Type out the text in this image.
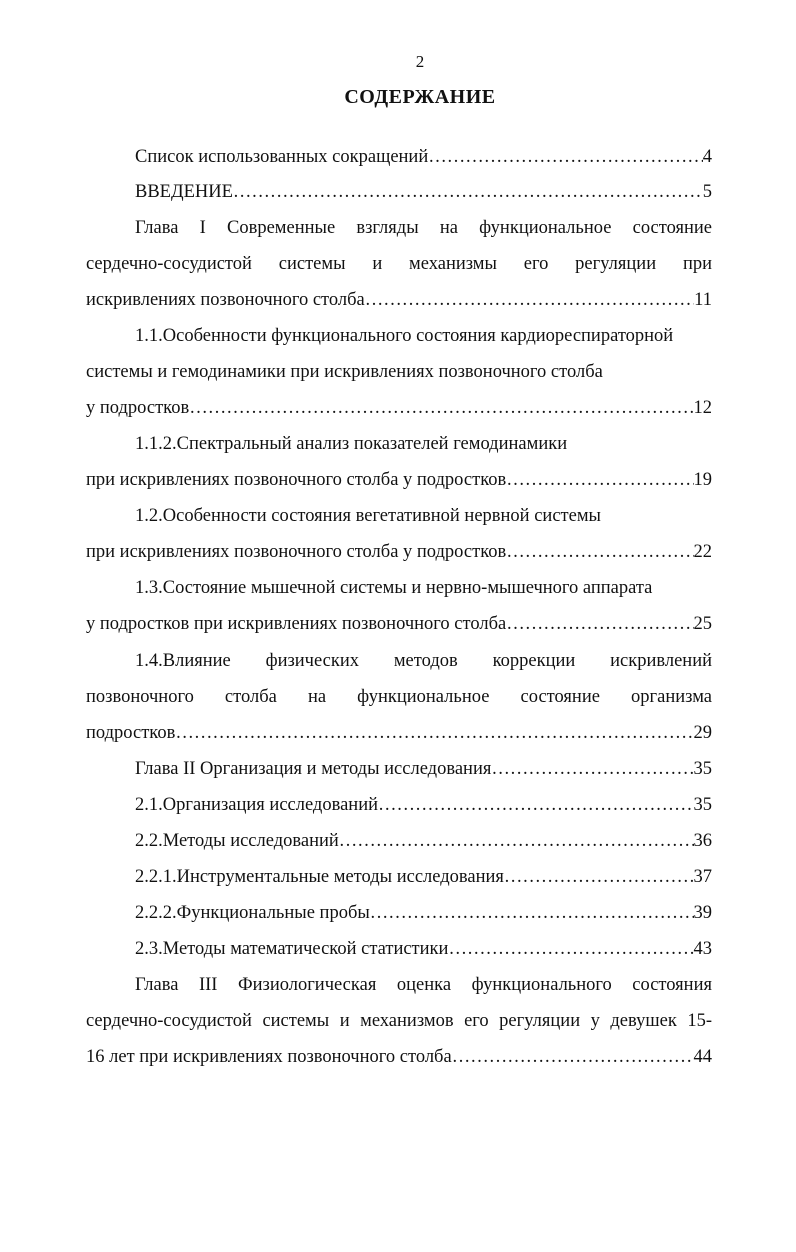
2
СОДЕРЖАНИЕ
Список использованных сокращений ……………………………………………………………………………………………………………………………………………	4
ВВЕДЕНИЕ ……………………………………………………………………………………………………………………………………………	5
Глава I Современные взгляды на функциональное состояние
сердечно-сосудистой системы и механизмы его регуляции при
искривлениях позвоночного столба ……………………………………………………………………………………………………………………………………………	11
1.1.Особенности функционального состояния кардиореспираторной
системы и гемодинамики при искривлениях позвоночного столба
у подростков ……………………………………………………………………………………………………………………………………………	12
1.1.2.Спектральный анализ показателей гемодинамики
при искривлениях позвоночного столба у подростков ……………………………………………………………………………………………………………………………………………	19
1.2.Особенности состояния вегетативной нервной системы
при искривлениях позвоночного столба у подростков ……………………………………………………………………………………………………………………………………………	22
1.3.Состояние мышечной системы и нервно-мышечного аппарата
у подростков при искривлениях позвоночного столба ……………………………………………………………………………………………………………………………………………	25
1.4.Влияние физических методов коррекции искривлений
позвоночного столба на функциональное состояние организма
подростков ……………………………………………………………………………………………………………………………………………	29
Глава II Организация и методы исследования ……………………………………………………………………………………………………………………………………………	35
2.1.Организация исследований ……………………………………………………………………………………………………………………………………………	35
2.2.Методы исследований ……………………………………………………………………………………………………………………………………………	36
2.2.1.Инструментальные методы исследования ……………………………………………………………………………………………………………………………………………	37
2.2.2.Функциональные пробы ……………………………………………………………………………………………………………………………………………	39
2.3.Методы математической статистики ……………………………………………………………………………………………………………………………………………	43
Глава III Физиологическая оценка функционального состояния
сердечно-сосудистой системы и механизмов его регуляции у девушек 15-
16 лет при искривлениях позвоночного столба ……………………………………………………………………………………………………………………………………………	44
